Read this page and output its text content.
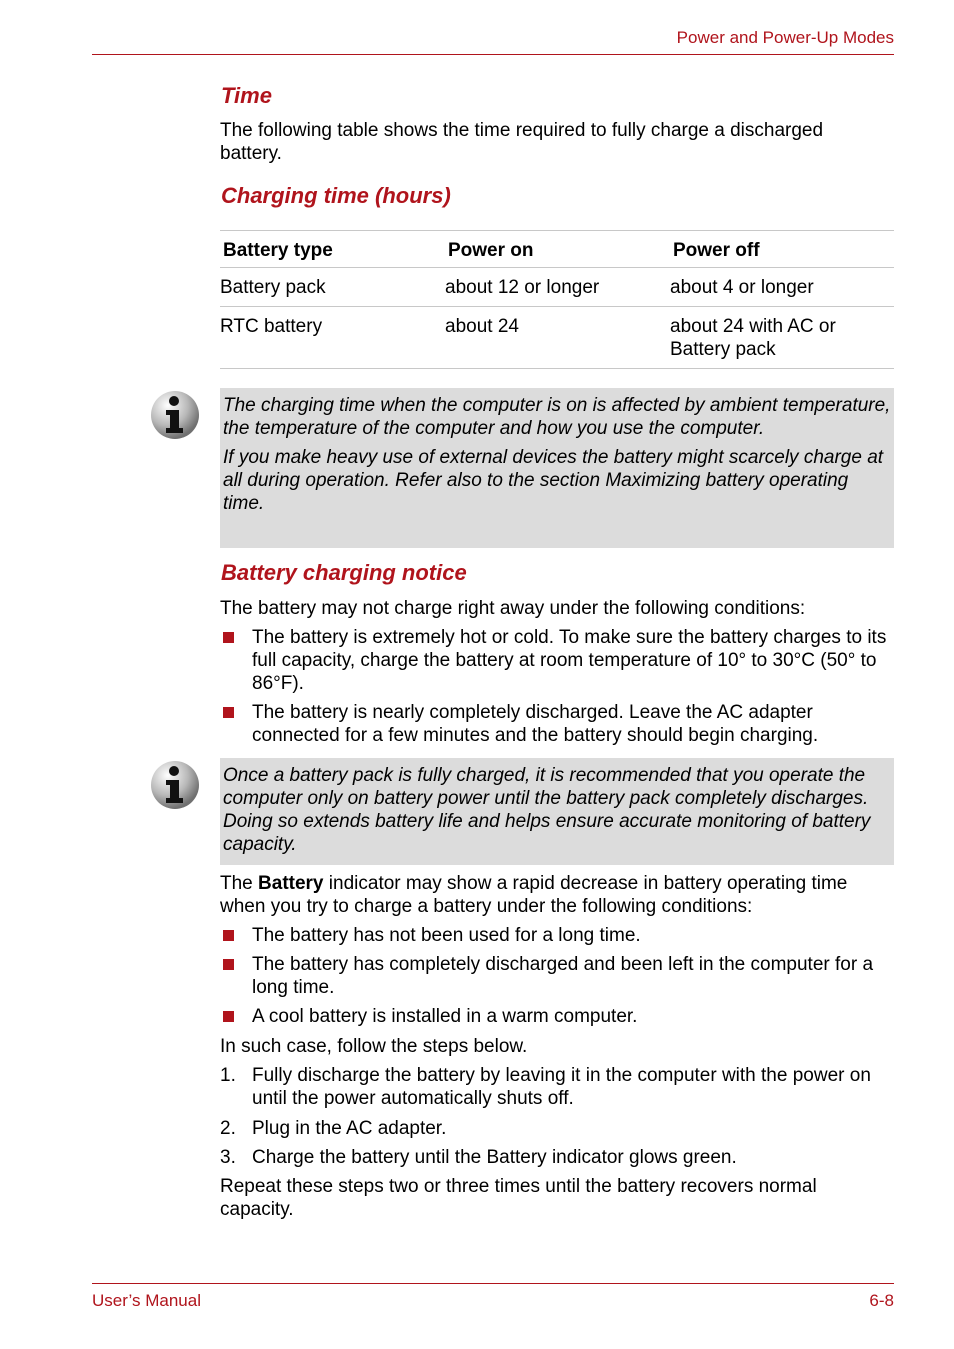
Power and Power-Up Modes
Time
The following table shows the time required to fully charge a discharged battery.
Charging time (hours)
Battery type	Power on	Power off
Battery pack	about 12 or longer	about 4 or longer
RTC battery	about 24	about 24 with AC or Battery pack
The charging time when the computer is on is affected by ambient temperature, the temperature of the computer and how you use the computer.
If you make heavy use of external devices the battery might scarcely charge at all during operation. Refer also to the section Maximizing battery operating time.
Battery charging notice
The battery may not charge right away under the following conditions:
The battery is extremely hot or cold. To make sure the battery charges to its full capacity, charge the battery at room temperature of 10° to 30°C (50° to 86°F).
The battery is nearly completely discharged. Leave the AC adapter connected for a few minutes and the battery should begin charging.
Once a battery pack is fully charged, it is recommended that you operate the computer only on battery power until the battery pack completely discharges. Doing so extends battery life and helps ensure accurate monitoring of battery capacity.
The Battery indicator may show a rapid decrease in battery operating time when you try to charge a battery under the following conditions:
The battery has not been used for a long time.
The battery has completely discharged and been left in the computer for a long time.
A cool battery is installed in a warm computer.
In such case, follow the steps below.
1. Fully discharge the battery by leaving it in the computer with the power on until the power automatically shuts off.
2. Plug in the AC adapter.
3. Charge the battery until the Battery indicator glows green.
Repeat these steps two or three times until the battery recovers normal capacity.
User’s Manual	6-8
